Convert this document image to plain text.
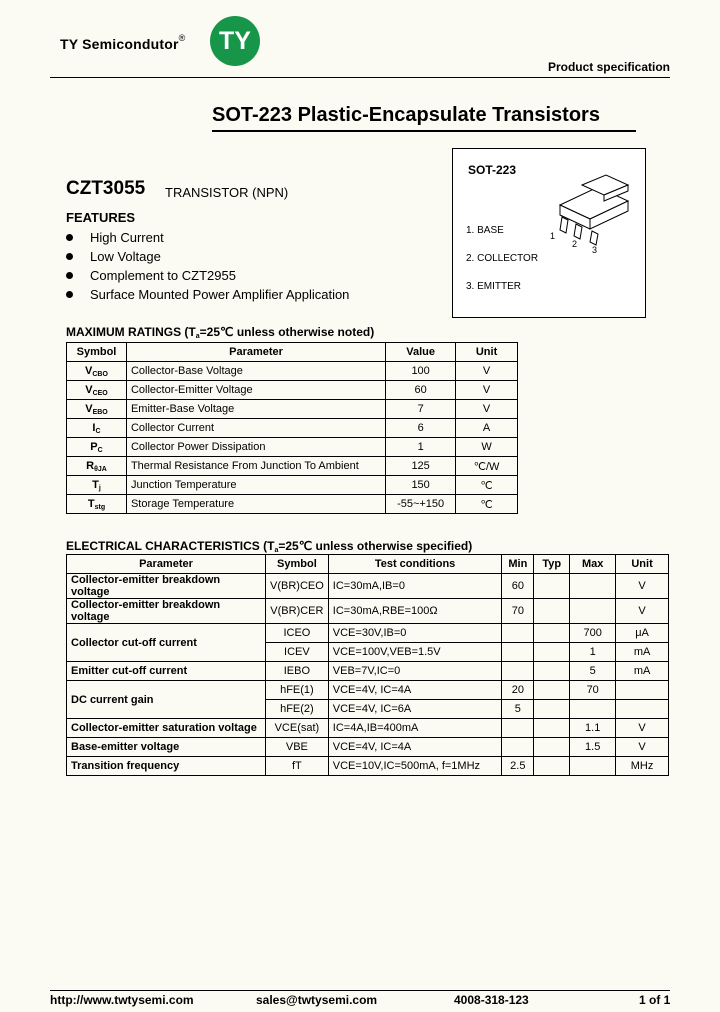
TY Semicondutor®	TY
Product specification
SOT-223 Plastic-Encapsulate Transistors
SOT-223
1
2
3
1. BASE
2. COLLECTOR
3. EMITTER
CZT3055 TRANSISTOR (NPN)
FEATURES
High Current
Low Voltage
Complement to CZT2955
Surface Mounted Power Amplifier Application
MAXIMUM RATINGS ($T_a=25℃$ unless otherwise noted)
Symbol	Parameter	Value	Unit
$V_{CBO}$	Collector-Base Voltage	100	V
$V_{CEO}$	Collector-Emitter Voltage	60	V
$V_{EBO}$	Emitter-Base Voltage	7	V
$I_C$	Collector Current	6	A
$P_C$	Collector Power Dissipation	1	W
$R_{\theta JA}$	Thermal Resistance From Junction To Ambient	125	℃/W
$T_j$	Junction Temperature	150	℃
$T_{stg}$	Storage Temperature	-55~+150	℃
ELECTRICAL CHARACTERISTICS ($T_a=25℃$ unless otherwise specified)
Parameter	Symbol	Test conditions	Min	Typ	Max	Unit
Collector-emitter breakdown voltage	V(BR)CEO	IC=30mA,IB=0	60			V
Collector-emitter breakdown voltage	V(BR)CER	IC=30mA,RBE=100Ω	70			V
Collector cut-off current	ICEO	VCE=30V,IB=0			700	μA
	ICEV	VCE=100V,VEB=1.5V			1	mA
Emitter cut-off current	IEBO	VEB=7V,IC=0			5	mA
DC current gain	hFE(1)	VCE=4V, IC=4A	20		70	
	hFE(2)	VCE=4V, IC=6A	5			
Collector-emitter saturation voltage	VCE(sat)	IC=4A,IB=400mA			1.1	V
Base-emitter voltage	VBE	VCE=4V, IC=4A			1.5	V
Transition frequency	fT	VCE=10V,IC=500mA, f=1MHz	2.5			MHz
http://www.twtysemi.com	sales@twtysemi.com	4008-318-123	1 of 1
